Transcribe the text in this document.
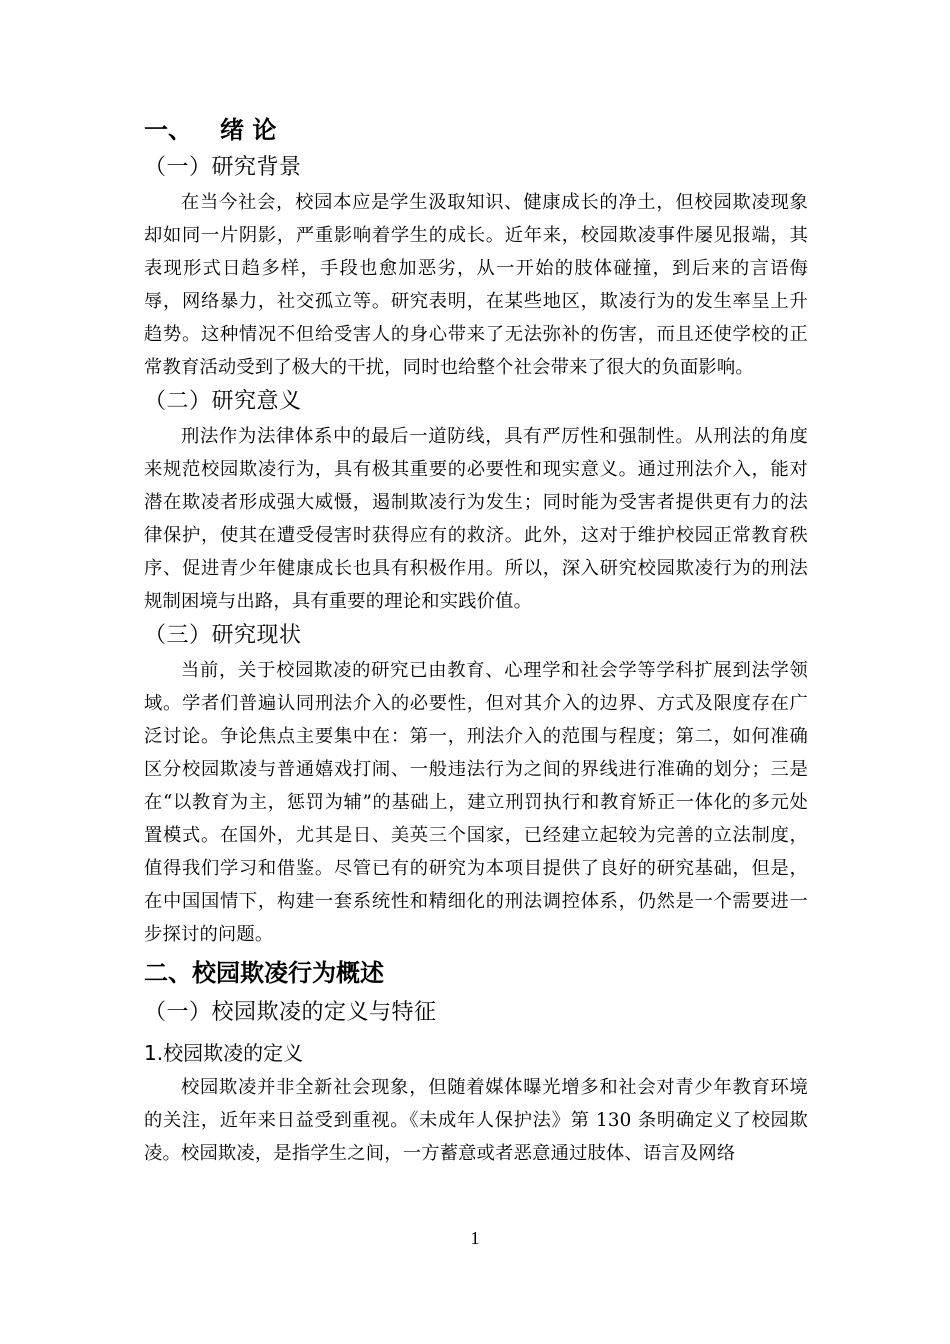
一、 绪 论
（一）研究背景

在当今社会，校园本应是学生汲取知识、健康成长的净土，但校园欺凌现象却如同一片阴影，严重影响着学生的成长。近年来，校园欺凌事件屡见报端，其表现形式日趋多样，手段也愈加恶劣，从一开始的肢体碰撞，到后来的言语侮辱，网络暴力，社交孤立等。研究表明，在某些地区，欺凌行为的发生率呈上升趋势。这种情况不但给受害人的身心带来了无法弥补的伤害，而且还使学校的正常教育活动受到了极大的干扰，同时也给整个社会带来了很大的负面影响。

（二）研究意义

刑法作为法律体系中的最后一道防线，具有严厉性和强制性。从刑法的角度来规范校园欺凌行为，具有极其重要的必要性和现实意义。通过刑法介入，能对潜在欺凌者形成强大威慑，遏制欺凌行为发生；同时能为受害者提供更有力的法律保护，使其在遭受侵害时获得应有的救济。此外，这对于维护校园正常教育秩序、促进青少年健康成长也具有积极作用。所以，深入研究校园欺凌行为的刑法规制困境与出路，具有重要的理论和实践价值。

（三）研究现状

当前，关于校园欺凌的研究已由教育、心理学和社会学等学科扩展到法学领域。学者们普遍认同刑法介入的必要性，但对其介入的边界、方式及限度存在广泛讨论。争论焦点主要集中在：第一，刑法介入的范围与程度；第二，如何准确区分校园欺凌与普通嬉戏打闹、一般违法行为之间的界线进行准确的划分；三是在“以教育为主，惩罚为辅”的基础上，建立刑罚执行和教育矫正一体化的多元处置模式。在国外，尤其是日、美英三个国家，已经建立起较为完善的立法制度，值得我们学习和借鉴。尽管已有的研究为本项目提供了良好的研究基础，但是，在中国国情下，构建一套系统性和精细化的刑法调控体系，仍然是一个需要进一步探讨的问题。

二、校园欺凌行为概述
（一）校园欺凌的定义与特征
1.校园欺凌的定义

校园欺凌并非全新社会现象，但随着媒体曝光增多和社会对青少年教育环境的关注，近年来日益受到重视。《未成年人保护法》第 130 条明确定义了校园欺凌。校园欺凌，是指学生之间，一方蓄意或者恶意通过肢体、语言及网络

1
